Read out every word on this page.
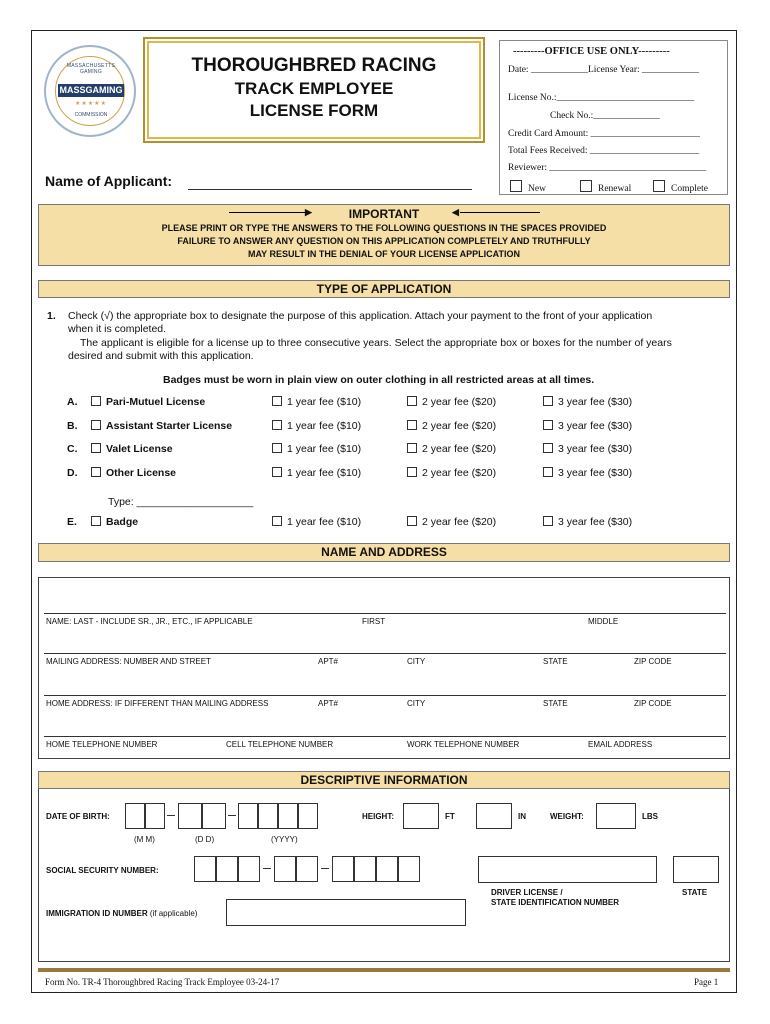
MASSACHUSETTS GAMING
MASSGAMING
★★★★★
COMMISSION
THOROUGHBRED RACING
TRACK EMPLOYEE
LICENSE FORM
---------OFFICE USE ONLY---------
Date: ____________License Year: ____________
License No.:_____________________________
Check No.:______________
Credit Card Amount: _______________________
Total Fees Received: _______________________
Reviewer: _________________________________
New	Renewal	Complete
Name of Applicant:
▶	IMPORTANT	◀
PLEASE PRINT OR TYPE THE ANSWERS TO THE FOLLOWING QUESTIONS IN THE SPACES PROVIDED
FAILURE TO ANSWER ANY QUESTION ON THIS APPLICATION COMPLETELY AND TRUTHFULLY
MAY RESULT IN THE DENIAL OF YOUR LICENSE APPLICATION
TYPE OF APPLICATION
1. Check (√) the appropriate box to designate the purpose of this application. Attach your payment to the front of your application
when it is completed.
The applicant is eligible for a license up to three consecutive years. Select the appropriate box or boxes for the number of years
desired and submit with this application.
Badges must be worn in plain view on outer clothing in all restricted areas at all times.
A.	Pari-Mutuel License	1 year fee ($10)	2 year fee ($20)	3 year fee ($30)
B.	Assistant Starter License	1 year fee ($10)	2 year fee ($20)	3 year fee ($30)
C.	Valet License	1 year fee ($10)	2 year fee ($20)	3 year fee ($30)
D.	Other License	1 year fee ($10)	2 year fee ($20)	3 year fee ($30)
Type: ____________________
E.	Badge	1 year fee ($10)	2 year fee ($20)	3 year fee ($30)
NAME AND ADDRESS
NAME: LAST - INCLUDE SR., JR., ETC., IF APPLICABLE	FIRST	MIDDLE
MAILING ADDRESS: NUMBER AND STREET	APT#	CITY	STATE	ZIP CODE
HOME ADDRESS: IF DIFFERENT THAN MAILING ADDRESS	APT#	CITY	STATE	ZIP CODE
HOME TELEPHONE NUMBER	CELL TELEPHONE NUMBER	WORK TELEPHONE NUMBER	EMAIL ADDRESS
DESCRIPTIVE INFORMATION
DATE OF BIRTH:
(M M)	(D D)	(YYYY)
HEIGHT:	FT	IN	WEIGHT:	LBS
SOCIAL SECURITY NUMBER:
DRIVER LICENSE /
STATE IDENTIFICATION NUMBER
STATE
IMMIGRATION ID NUMBER (if applicable)
Form No. TR-4 Thoroughbred Racing Track Employee 03-24-17	Page 1
